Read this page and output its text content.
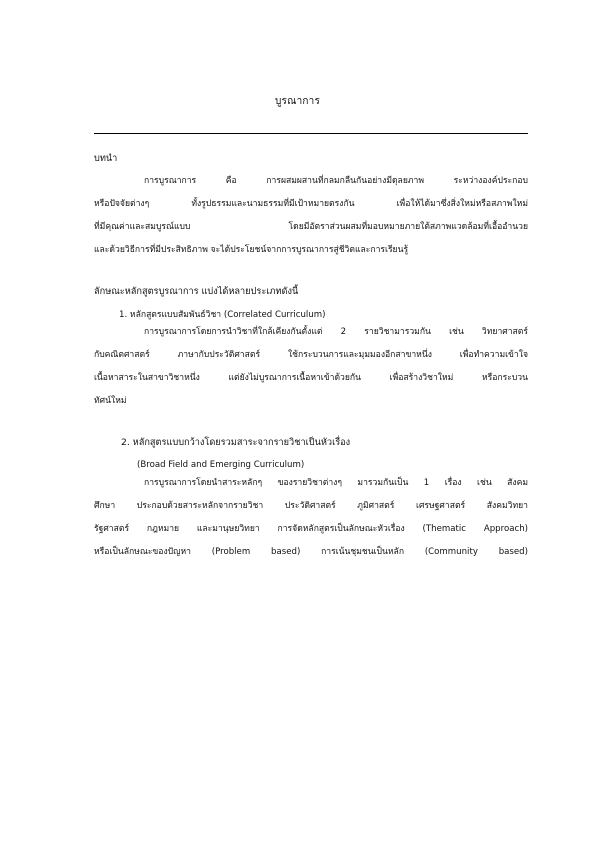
บูรณาการ
บทนำ
การบูรณาการ คือ การผสมผสานที่กลมกลืนกันอย่างมีดุลยภาพ ระหว่างองค์ประกอบ
หรือปัจจัยต่างๆ ทั้งรูปธรรมและนามธรรมที่มีเป้าหมายตรงกัน เพื่อให้ได้มาซึ่งสิ่งใหม่หรือสภาพใหม่
ที่มีคุณค่าและสมบูรณ์แบบ โดยมีอัตราส่วนผสมที่มอบหมายภายใต้สภาพแวดล้อมที่เอื้ออำนวย
และด้วยวิธีการที่มีประสิทธิภาพ จะได้ประโยชน์จากการบูรณาการสู่ชีวิตและการเรียนรู้
ลักษณะหลักสูตรบูรณาการ แบ่งได้หลายประเภทดังนี้
1. หลักสูตรแบบสัมพันธ์วิชา (Correlated Curriculum)
การบูรณาการโดยการนำวิชาที่ใกล้เคียงกันตั้งแต่ 2 รายวิชามารวมกัน เช่น วิทยาศาสตร์
กับคณิตศาสตร์ ภาษากับประวัติศาสตร์ ใช้กระบวนการและมุมมองอีกสาขาหนึ่ง เพื่อทำความเข้าใจ
เนื้อหาสาระในสาขาวิชาหนึ่ง แต่ยังไม่บูรณาการเนื้อหาเข้าด้วยกัน เพื่อสร้างวิชาใหม่ หรือกระบวน
ทัศน์ใหม่
2. หลักสูตรแบบกว้างโดยรวมสาระจากรายวิชาเป็นหัวเรื่อง
(Broad Field and Emerging Curriculum)
การบูรณาการโดยนำสาระหลักๆ ของรายวิชาต่างๆ มารวมกันเป็น 1 เรื่อง เช่น สังคม
ศึกษา ประกอบด้วยสาระหลักจากรายวิชา ประวัติศาสตร์ ภูมิศาสตร์ เศรษฐศาสตร์ สังคมวิทยา
รัฐศาสตร์ กฎหมาย และมานุษยวิทยา การจัดหลักสูตรเป็นลักษณะหัวเรื่อง (Thematic Approach)
หรือเป็นลักษณะของปัญหา (Problem based) การเน้นชุมชนเป็นหลัก (Community based)
